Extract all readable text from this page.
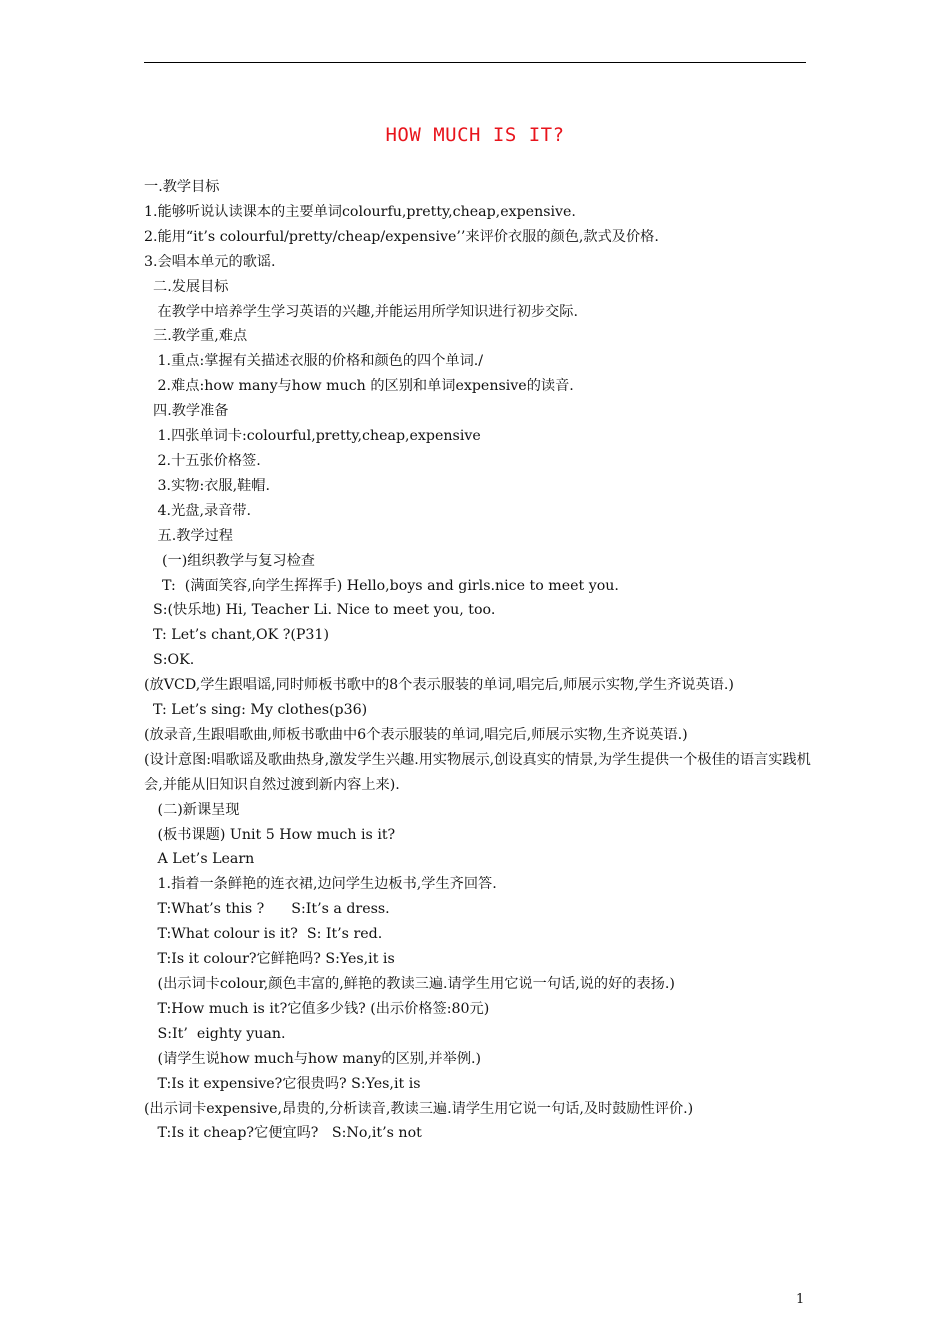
HOW MUCH IS IT?
一.教学目标
1.能够听说认读课本的主要单词colourfu,pretty,cheap,expensive.
2.能用“it’s colourful/pretty/cheap/expensive’’来评价衣服的颜色,款式及价格.
3.会唱本单元的歌谣.
二.发展目标
在教学中培养学生学习英语的兴趣,并能运用所学知识进行初步交际.
三.教学重,难点
1.重点:掌握有关描述衣服的价格和颜色的四个单词./
2.难点:how many与how much 的区别和单词expensive的读音.
四.教学准备
1.四张单词卡:colourful,pretty,cheap,expensive
2.十五张价格签.
3.实物:衣服,鞋帽.
4.光盘,录音带.
五.教学过程
(一)组织教学与复习检查
T:  (满面笑容,向学生挥挥手) Hello,boys and girls.nice to meet you.
S:(快乐地) Hi, Teacher Li. Nice to meet you, too.
T: Let’s chant,OK ?(P31)
S:OK.
(放VCD,学生跟唱谣,同时师板书歌中的8个表示服装的单词,唱完后,师展示实物,学生齐说英语.)
T: Let’s sing: My clothes(p36)
(放录音,生跟唱歌曲,师板书歌曲中6个表示服装的单词,唱完后,师展示实物,生齐说英语.)
(设计意图:唱歌谣及歌曲热身,激发学生兴趣.用实物展示,创设真实的情景,为学生提供一个极佳的语言实践机会,并能从旧知识自然过渡到新内容上来).
(二)新课呈现
(板书课题) Unit 5 How much is it?
A Let’s Learn
1.指着一条鲜艳的连衣裙,边问学生边板书,学生齐回答.
T:What’s this ?      S:It’s a dress.
T:What colour is it?  S: It’s red.
T:Is it colour?它鲜艳吗? S:Yes,it is
(出示词卡colour,颜色丰富的,鲜艳的教读三遍.请学生用它说一句话,说的好的表扬.)
T:How much is it?它值多少钱? (出示价格签:80元)
S:It’  eighty yuan.
(请学生说how much与how many的区别,并举例.)
T:Is it expensive?它很贵吗? S:Yes,it is
(出示词卡expensive,昂贵的,分析读音,教读三遍.请学生用它说一句话,及时鼓励性评价.)
T:Is it cheap?它便宜吗?   S:No,it’s not
1
